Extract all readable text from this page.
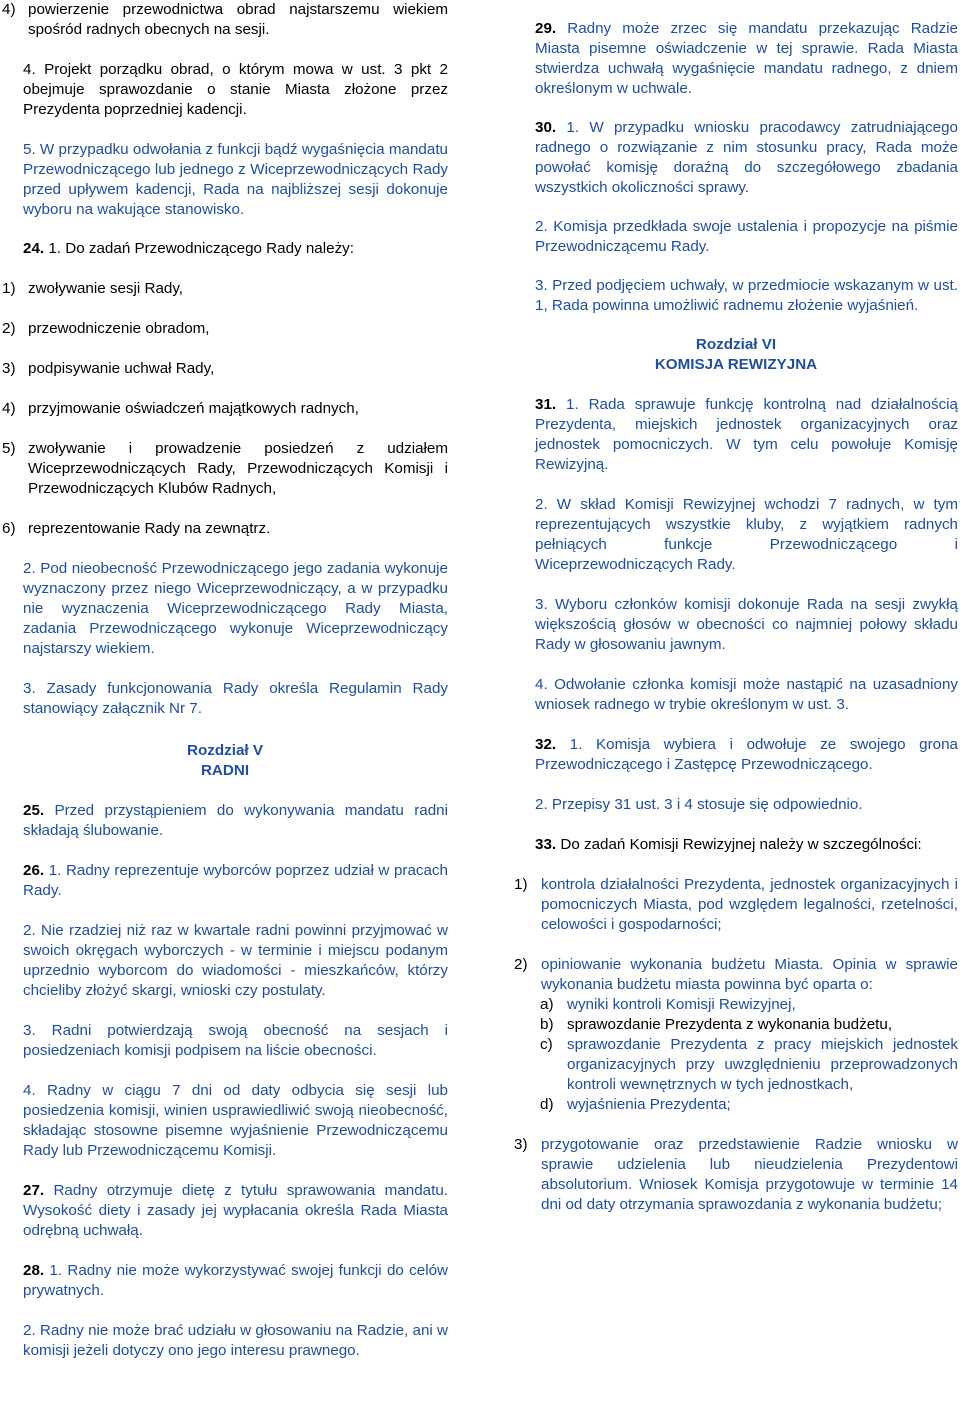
4) powierzenie przewodnictwa obrad najstarszemu wiekiem spośród radnych obecnych na sesji.

4. Projekt porządku obrad, o którym mowa w ust. 3 pkt 2 obejmuje sprawozdanie o stanie Miasta złożone przez Prezydenta poprzedniej kadencji.

5. W przypadku odwołania z funkcji bądź wygaśnięcia mandatu Przewodniczącego lub jednego z Wiceprzewodniczących Rady przed upływem kadencji, Rada na najbliższej sesji dokonuje wyboru na wakujące stanowisko.

24. 1. Do zadań Przewodniczącego Rady należy:

1) zwoływanie sesji Rady,
2) przewodniczenie obradom,
3) podpisywanie uchwał Rady,
4) przyjmowanie oświadczeń majątkowych radnych,
5) zwoływanie i prowadzenie posiedzeń z udziałem Wiceprzewodniczących Rady, Przewodniczących Komisji i Przewodniczących Klubów Radnych,
6) reprezentowanie Rady na zewnątrz.

2. Pod nieobecność Przewodniczącego jego zadania wykonuje wyznaczony przez niego Wiceprzewodniczący, a w przypadku nie wyznaczenia Wiceprzewodniczącego Rady Miasta, zadania Przewodniczącego wykonuje Wiceprzewodniczący najstarszy wiekiem.

3. Zasady funkcjonowania Rady określa Regulamin Rady stanowiący załącznik Nr 7.

Rozdział V

RADNI

25. Przed przystąpieniem do wykonywania mandatu radni składają ślubowanie.

26. 1. Radny reprezentuje wyborców poprzez udział w pracach Rady.

2. Nie rzadziej niż raz w kwartale radni powinni przyjmować w swoich okręgach wyborczych - w terminie i miejscu podanym uprzednio wyborcom do wiadomości - mieszkańców, którzy chcieliby złożyć skargi, wnioski czy postulaty.

3. Radni potwierdzają swoją obecność na sesjach i posiedzeniach komisji podpisem na liście obecności.

4. Radny w ciągu 7 dni od daty odbycia się sesji lub posiedzenia komisji, winien usprawiedliwić swoją nieobecność, składając stosowne pisemne wyjaśnienie Przewodniczącemu Rady lub Przewodniczącemu Komisji.

27. Radny otrzymuje dietę z tytułu sprawowania mandatu. Wysokość diety i zasady jej wypłacania określa Rada Miasta odrębną uchwałą.

28. 1. Radny nie może wykorzystywać swojej funkcji do celów prywatnych.

2. Radny nie może brać udziału w głosowaniu na Radzie, ani w komisji jeżeli dotyczy ono jego interesu prawnego.

29. Radny może zrzec się mandatu przekazując Radzie Miasta pisemne oświadczenie w tej sprawie. Rada Miasta stwierdza uchwałą wygaśnięcie mandatu radnego, z dniem określonym w uchwale.

30. 1. W przypadku wniosku pracodawcy zatrudniającego radnego o rozwiązanie z nim stosunku pracy, Rada może powołać komisję doraźną do szczegółowego zbadania wszystkich okoliczności sprawy.

2. Komisja przedkłada swoje ustalenia i propozycje na piśmie Przewodniczącemu Rady.

3. Przed podjęciem uchwały, w przedmiocie wskazanym w ust. 1, Rada powinna umożliwić radnemu złożenie wyjaśnień.

Rozdział VI

KOMISJA REWIZYJNA

31. 1. Rada sprawuje funkcję kontrolną nad działalnością Prezydenta, miejskich jednostek organizacyjnych oraz jednostek pomocniczych. W tym celu powołuje Komisję Rewizyjną.

2. W skład Komisji Rewizyjnej wchodzi 7 radnych, w tym reprezentujących wszystkie kluby, z wyjątkiem radnych pełniących funkcje Przewodniczącego i Wiceprzewodniczących Rady.

3. Wyboru członków komisji dokonuje Rada na sesji zwykłą większością głosów w obecności co najmniej połowy składu Rady w głosowaniu jawnym.

4. Odwołanie członka komisji może nastąpić na uzasadniony wniosek radnego w trybie określonym w ust. 3.

32. 1. Komisja wybiera i odwołuje ze swojego grona Przewodniczącego i Zastępcę Przewodniczącego.

2. Przepisy 31 ust. 3 i 4 stosuje się odpowiednio.

33. Do zadań Komisji Rewizyjnej należy w szczególności:

1) kontrola działalności Prezydenta, jednostek organizacyjnych i pomocniczych Miasta, pod względem legalności, rzetelności, celowości i gospodarności;
2) opiniowanie wykonania budżetu Miasta. Opinia w sprawie wykonania budżetu miasta powinna być oparta o:
a) wyniki kontroli Komisji Rewizyjnej,
b) sprawozdanie Prezydenta z wykonania budżetu,
c) sprawozdanie Prezydenta z pracy miejskich jednostek organizacyjnych przy uwzględnieniu przeprowadzonych kontroli wewnętrznych w tych jednostkach,
d) wyjaśnienia Prezydenta;
3) przygotowanie oraz przedstawienie Radzie wniosku w sprawie udzielenia lub nieudzielenia Prezydentowi absolutorium. Wniosek Komisja przygotowuje w terminie 14 dni od daty otrzymania sprawozdania z wykonania budżetu;
